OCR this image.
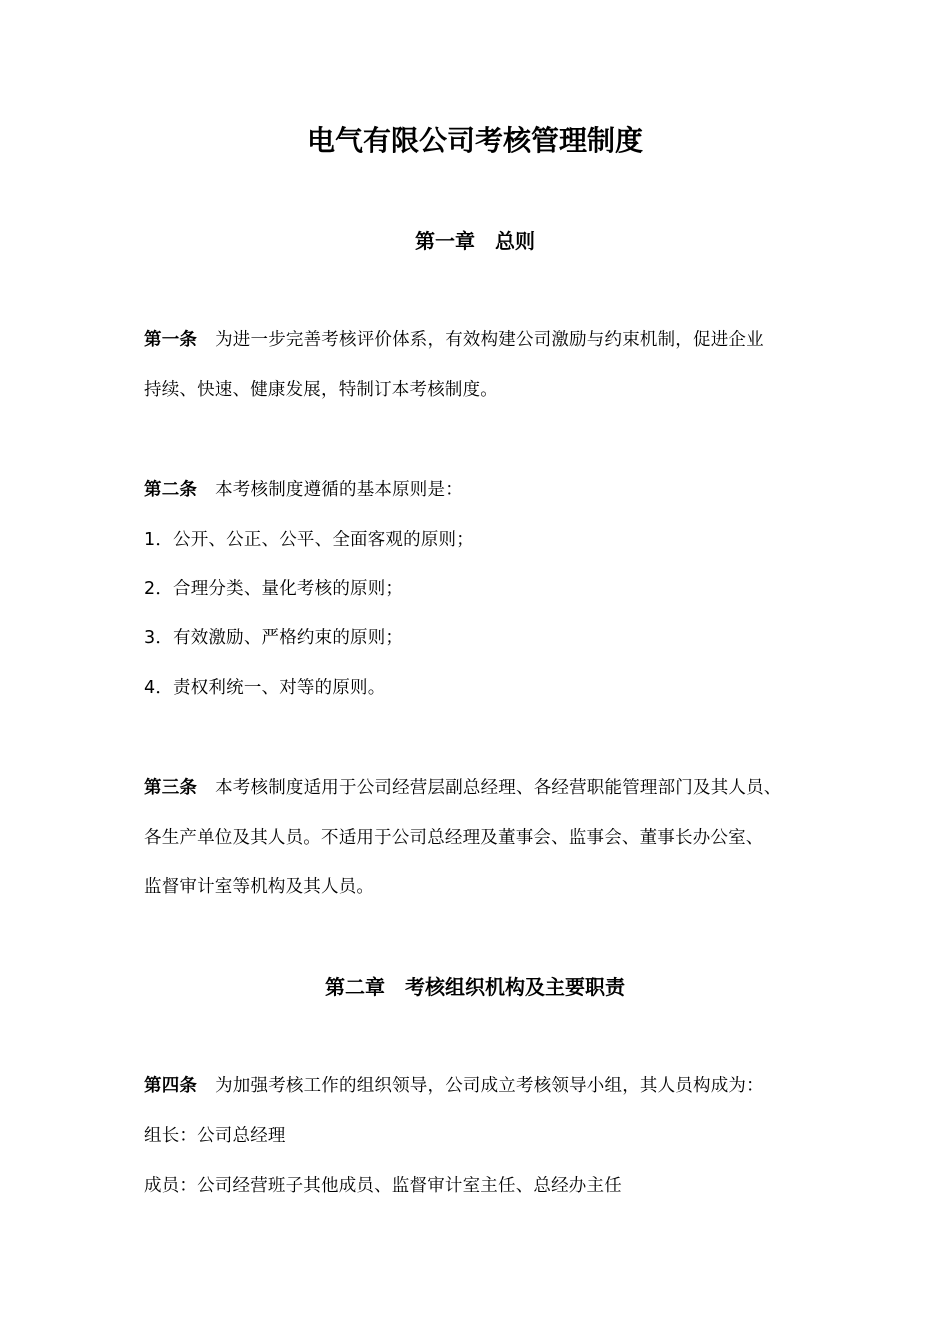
电气有限公司考核管理制度
第一章　总则
第一条 为进一步完善考核评价体系，有效构建公司激励与约束机制，促进企业
持续、快速、健康发展，特制订本考核制度。
第二条 本考核制度遵循的基本原则是：
1．公开、公正、公平、全面客观的原则；
2．合理分类、量化考核的原则；
3．有效激励、严格约束的原则；
4．责权利统一、对等的原则。
第三条 本考核制度适用于公司经营层副总经理、各经营职能管理部门及其人员、
各生产单位及其人员。不适用于公司总经理及董事会、监事会、董事长办公室、
监督审计室等机构及其人员。
第二章　考核组织机构及主要职责
第四条 为加强考核工作的组织领导，公司成立考核领导小组，其人员构成为：
组长：公司总经理
成员：公司经营班子其他成员、监督审计室主任、总经办主任
